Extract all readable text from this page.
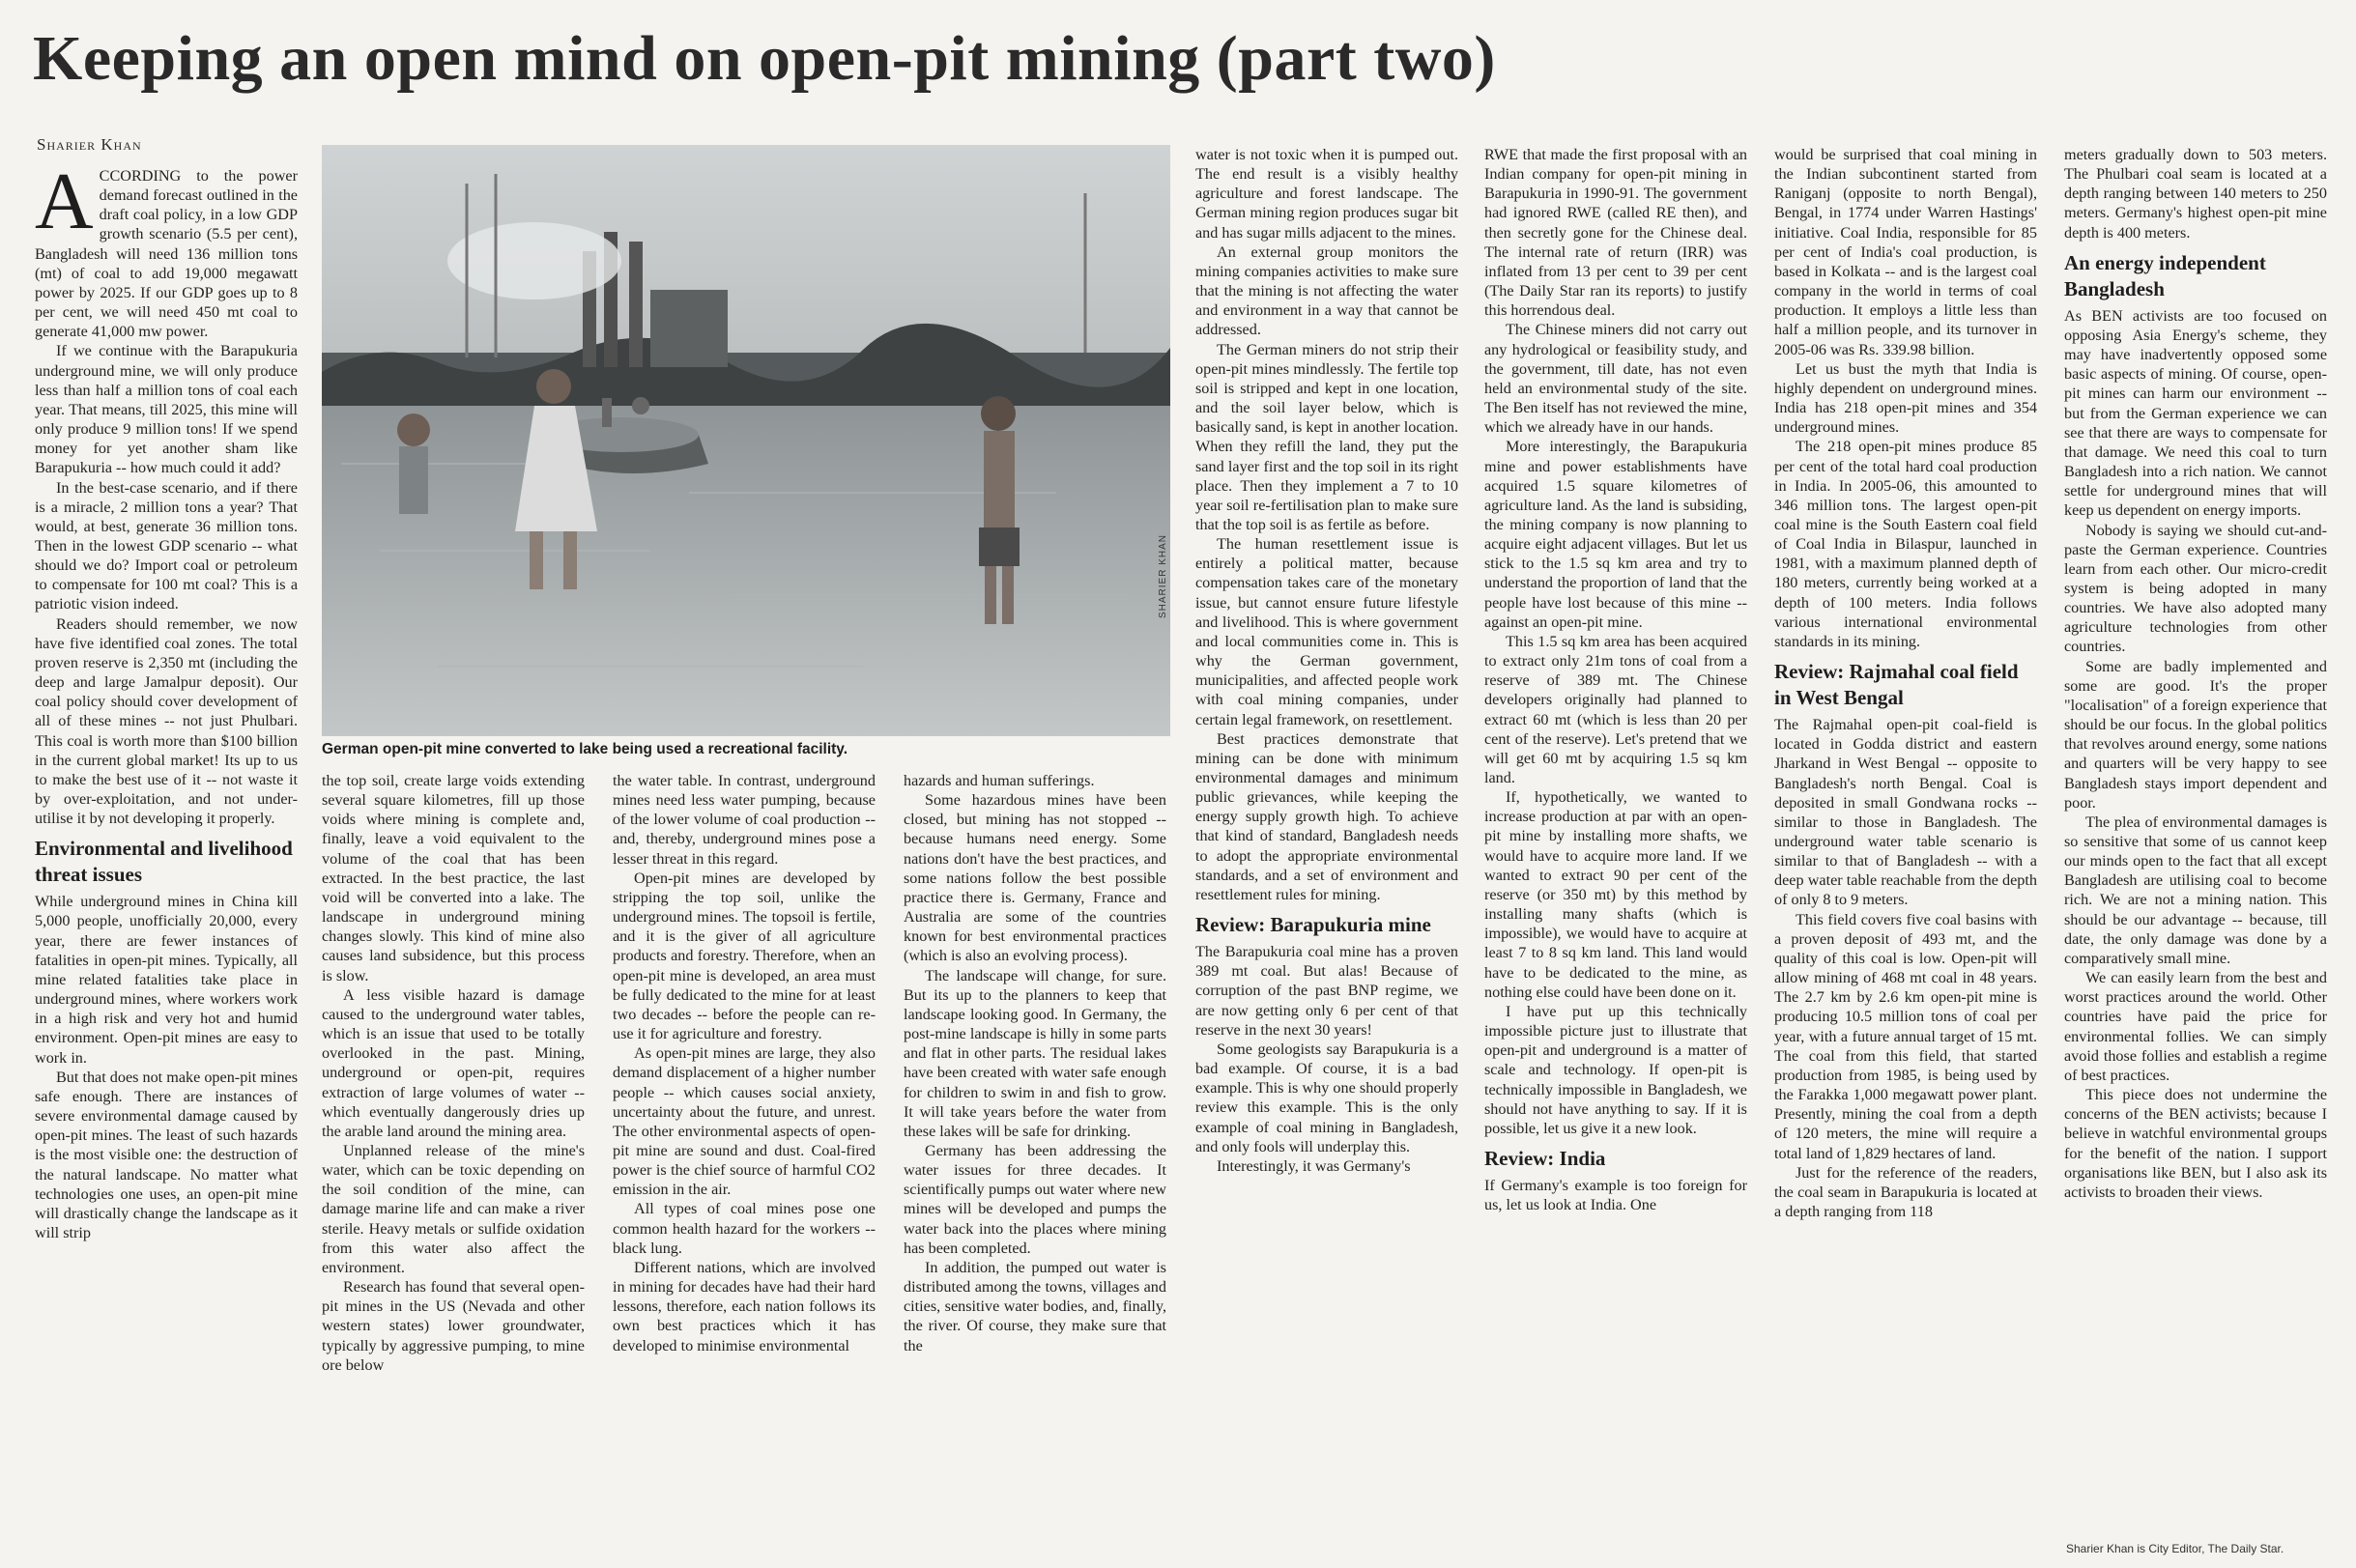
Keeping an open mind on open-pit mining (part two)
Sharier Khan

ACCORDING to the power demand forecast outlined in the draft coal policy, in a low GDP growth scenario (5.5 per cent), Bangladesh will need 136 million tons (mt) of coal to add 19,000 megawatt power by 2025. If our GDP goes up to 8 per cent, we will need 450 mt coal to generate 41,000 mw power.

If we continue with the Barapukuria underground mine, we will only produce less than half a million tons of coal each year. That means, till 2025, this mine will only produce 9 million tons! If we spend money for yet another sham like Barapukuria -- how much could it add?

In the best-case scenario, and if there is a miracle, 2 million tons a year? That would, at best, generate 36 million tons. Then in the lowest GDP scenario -- what should we do? Import coal or petroleum to compensate for 100 mt coal? This is a patriotic vision indeed.

Readers should remember, we now have five identified coal zones. The total proven reserve is 2,350 mt (including the deep and large Jamalpur deposit). Our coal policy should cover development of all of these mines -- not just Phulbari. This coal is worth more than $100 billion in the current global market! Its up to us to make the best use of it -- not waste it by over-exploitation, and not under-utilise it by not developing it properly.

Environmental and livelihood threat issues

While underground mines in China kill 5,000 people, unofficially 20,000, every year, there are fewer instances of fatalities in open-pit mines. Typically, all mine related fatalities take place in underground mines, where workers work in a high risk and very hot and humid environment. Open-pit mines are easy to work in.

But that does not make open-pit mines safe enough. There are instances of severe environmental damage caused by open-pit mines. The least of such hazards is the most visible one: the destruction of the natural landscape. No matter what technologies one uses, an open-pit mine will drastically change the landscape as it will strip

SHARIER KHAN
German open-pit mine converted to lake being used a recreational facility.

the top soil, create large voids extending several square kilometres, fill up those voids where mining is complete and, finally, leave a void equivalent to the volume of the coal that has been extracted. In the best practice, the last void will be converted into a lake. The landscape in underground mining changes slowly. This kind of mine also causes land subsidence, but this process is slow.

A less visible hazard is damage caused to the underground water tables, which is an issue that used to be totally overlooked in the past. Mining, underground or open-pit, requires extraction of large volumes of water -- which eventually dangerously dries up the arable land around the mining area.

Unplanned release of the mine's water, which can be toxic depending on the soil condition of the mine, can damage marine life and can make a river sterile. Heavy metals or sulfide oxidation from this water also affect the environment.

Research has found that several open-pit mines in the US (Nevada and other western states) lower groundwater, typically by aggressive pumping, to mine ore below

the water table. In contrast, underground mines need less water pumping, because of the lower volume of coal production -- and, thereby, underground mines pose a lesser threat in this regard.

Open-pit mines are developed by stripping the top soil, unlike the underground mines. The topsoil is fertile, and it is the giver of all agriculture products and forestry. Therefore, when an open-pit mine is developed, an area must be fully dedicated to the mine for at least two decades -- before the people can re-use it for agriculture and forestry.

As open-pit mines are large, they also demand displacement of a higher number people -- which causes social anxiety, uncertainty about the future, and unrest. The other environmental aspects of open-pit mine are sound and dust. Coal-fired power is the chief source of harmful CO2 emission in the air.

All types of coal mines pose one common health hazard for the workers -- black lung.

Different nations, which are involved in mining for decades have had their hard lessons, therefore, each nation follows its own best practices which it has developed to minimise environmental

hazards and human sufferings.

Some hazardous mines have been closed, but mining has not stopped -- because humans need energy. Some nations don't have the best practices, and some nations follow the best possible practice there is. Germany, France and Australia are some of the countries known for best environmental practices (which is also an evolving process).

The landscape will change, for sure. But its up to the planners to keep that landscape looking good. In Germany, the post-mine landscape is hilly in some parts and flat in other parts. The residual lakes have been created with water safe enough for children to swim in and fish to grow. It will take years before the water from these lakes will be safe for drinking.

Germany has been addressing the water issues for three decades. It scientifically pumps out water where new mines will be developed and pumps the water back into the places where mining has been completed.

In addition, the pumped out water is distributed among the towns, villages and cities, sensitive water bodies, and, finally, the river. Of course, they make sure that the

water is not toxic when it is pumped out. The end result is a visibly healthy agriculture and forest landscape. The German mining region produces sugar bit and has sugar mills adjacent to the mines.

An external group monitors the mining companies activities to make sure that the mining is not affecting the water and environment in a way that cannot be addressed.

The German miners do not strip their open-pit mines mindlessly. The fertile top soil is stripped and kept in one location, and the soil layer below, which is basically sand, is kept in another location. When they refill the land, they put the sand layer first and the top soil in its right place. Then they implement a 7 to 10 year soil re-fertilisation plan to make sure that the top soil is as fertile as before.

The human resettlement issue is entirely a political matter, because compensation takes care of the monetary issue, but cannot ensure future lifestyle and livelihood. This is where government and local communities come in. This is why the German government, municipalities, and affected people work with coal mining companies, under certain legal framework, on resettlement.

Best practices demonstrate that mining can be done with minimum environmental damages and minimum public grievances, while keeping the energy supply growth high. To achieve that kind of standard, Bangladesh needs to adopt the appropriate environmental standards, and a set of environment and resettlement rules for mining.

Review: Barapukuria mine

The Barapukuria coal mine has a proven 389 mt coal. But alas! Because of corruption of the past BNP regime, we are now getting only 6 per cent of that reserve in the next 30 years!

Some geologists say Barapukuria is a bad example. Of course, it is a bad example. This is why one should properly review this example. This is the only example of coal mining in Bangladesh, and only fools will underplay this.

Interestingly, it was Germany's

RWE that made the first proposal with an Indian company for open-pit mining in Barapukuria in 1990-91. The government had ignored RWE (called RE then), and then secretly gone for the Chinese deal. The internal rate of return (IRR) was inflated from 13 per cent to 39 per cent (The Daily Star ran its reports) to justify this horrendous deal.

The Chinese miners did not carry out any hydrological or feasibility study, and the government, till date, has not even held an environmental study of the site. The Ben itself has not reviewed the mine, which we already have in our hands.

More interestingly, the Barapukuria mine and power establishments have acquired 1.5 square kilometres of agriculture land. As the land is subsiding, the mining company is now planning to acquire eight adjacent villages. But let us stick to the 1.5 sq km area and try to understand the proportion of land that the people have lost because of this mine -- against an open-pit mine.

This 1.5 sq km area has been acquired to extract only 21m tons of coal from a reserve of 389 mt. The Chinese developers originally had planned to extract 60 mt (which is less than 20 per cent of the reserve). Let's pretend that we will get 60 mt by acquiring 1.5 sq km land.

If, hypothetically, we wanted to increase production at par with an open-pit mine by installing more shafts, we would have to acquire more land. If we wanted to extract 90 per cent of the reserve (or 350 mt) by this method by installing many shafts (which is impossible), we would have to acquire at least 7 to 8 sq km land. This land would have to be dedicated to the mine, as nothing else could have been done on it.

I have put up this technically impossible picture just to illustrate that open-pit and underground is a matter of scale and technology. If open-pit is technically impossible in Bangladesh, we should not have anything to say. If it is possible, let us give it a new look.

Review: India

If Germany's example is too foreign for us, let us look at India. One

would be surprised that coal mining in the Indian subcontinent started from Raniganj (opposite to north Bengal), Bengal, in 1774 under Warren Hastings' initiative. Coal India, responsible for 85 per cent of India's coal production, is based in Kolkata -- and is the largest coal company in the world in terms of coal production. It employs a little less than half a million people, and its turnover in 2005-06 was Rs. 339.98 billion.

Let us bust the myth that India is highly dependent on underground mines. India has 218 open-pit mines and 354 underground mines.

The 218 open-pit mines produce 85 per cent of the total hard coal production in India. In 2005-06, this amounted to 346 million tons. The largest open-pit coal mine is the South Eastern coal field of Coal India in Bilaspur, launched in 1981, with a maximum planned depth of 180 meters, currently being worked at a depth of 100 meters. India follows various international environmental standards in its mining.

Review: Rajmahal coal field in West Bengal

The Rajmahal open-pit coal-field is located in Godda district and eastern Jharkand in West Bengal -- opposite to Bangladesh's north Bengal. Coal is deposited in small Gondwana rocks -- similar to those in Bangladesh. The underground water table scenario is similar to that of Bangladesh -- with a deep water table reachable from the depth of only 8 to 9 meters.

This field covers five coal basins with a proven deposit of 493 mt, and the quality of this coal is low. Open-pit will allow mining of 468 mt coal in 48 years. The 2.7 km by 2.6 km open-pit mine is producing 10.5 million tons of coal per year, with a future annual target of 15 mt. The coal from this field, that started production from 1985, is being used by the Farakka 1,000 megawatt power plant. Presently, mining the coal from a depth of 120 meters, the mine will require a total land of 1,829 hectares of land.

Just for the reference of the readers, the coal seam in Barapukuria is located at a depth ranging from 118

meters gradually down to 503 meters. The Phulbari coal seam is located at a depth ranging between 140 meters to 250 meters. Germany's highest open-pit mine depth is 400 meters.

An energy independent Bangladesh

As BEN activists are too focused on opposing Asia Energy's scheme, they may have inadvertently opposed some basic aspects of mining. Of course, open-pit mines can harm our environment -- but from the German experience we can see that there are ways to compensate for that damage. We need this coal to turn Bangladesh into a rich nation. We cannot settle for underground mines that will keep us dependent on energy imports.

Nobody is saying we should cut-and-paste the German experience. Countries learn from each other. Our micro-credit system is being adopted in many countries. We have also adopted many agriculture technologies from other countries.

Some are badly implemented and some are good. It's the proper "localisation" of a foreign experience that should be our focus. In the global politics that revolves around energy, some nations and quarters will be very happy to see Bangladesh stays import dependent and poor.

The plea of environmental damages is so sensitive that some of us cannot keep our minds open to the fact that all except Bangladesh are utilising coal to become rich. We are not a mining nation. This should be our advantage -- because, till date, the only damage was done by a comparatively small mine.

We can easily learn from the best and worst practices around the world. Other countries have paid the price for environmental follies. We can simply avoid those follies and establish a regime of best practices.

This piece does not undermine the concerns of the BEN activists; because I believe in watchful environmental groups for the benefit of the nation. I support organisations like BEN, but I also ask its activists to broaden their views.

Sharier Khan is City Editor, The Daily Star.
